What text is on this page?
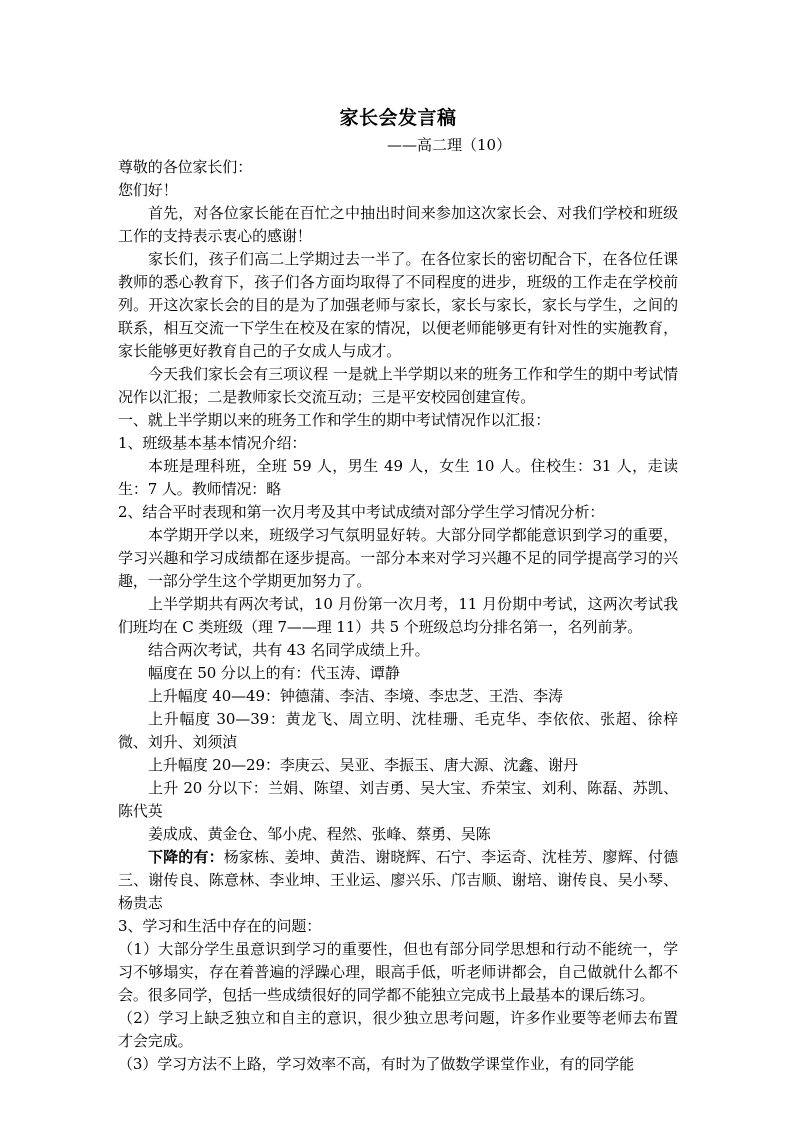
家长会发言稿

——高二理（10）

尊敬的各位家长们：

您们好！

首先，对各位家长能在百忙之中抽出时间来参加这次家长会、对我们学校和班级工作的支持表示衷心的感谢！

家长们，孩子们高二上学期过去一半了。在各位家长的密切配合下，在各位任课教师的悉心教育下，孩子们各方面均取得了不同程度的进步，班级的工作走在学校前列。开这次家长会的目的是为了加强老师与家长，家长与家长，家长与学生，之间的联系，相互交流一下学生在校及在家的情况，以便老师能够更有针对性的实施教育，家长能够更好教育自己的子女成人与成才。

今天我们家长会有三项议程 一是就上半学期以来的班务工作和学生的期中考试情况作以汇报；二是教师家长交流互动；三是平安校园创建宣传。

一、就上半学期以来的班务工作和学生的期中考试情况作以汇报：

1、班级基本基本情况介绍：

本班是理科班，全班 59 人，男生 49 人，女生 10 人。住校生：31 人，走读生：7 人。教师情况：略

2、结合平时表现和第一次月考及其中考试成绩对部分学生学习情况分析：

本学期开学以来，班级学习气氛明显好转。大部分同学都能意识到学习的重要，学习兴趣和学习成绩都在逐步提高。一部分本来对学习兴趣不足的同学提高学习的兴趣，一部分学生这个学期更加努力了。

上半学期共有两次考试，10 月份第一次月考，11 月份期中考试，这两次考试我们班均在 C 类班级（理 7——理 11）共 5 个班级总均分排名第一，名列前茅。

结合两次考试，共有 43 名同学成绩上升。

幅度在 50 分以上的有：代玉涛、谭静

上升幅度 40—49：钟德蒲、李洁、李境、李忠芝、王浩、李涛

上升幅度 30—39：黄龙飞、周立明、沈桂珊、毛克华、李依依、张超、徐梓微、刘升、刘须湞

上升幅度 20—29：李庚云、吴亚、李振玉、唐大源、沈鑫、谢丹

上升 20 分以下：兰娟、陈望、刘吉勇、吴大宝、乔荣宝、刘利、陈磊、苏凯、陈代英

姜成成、黄金仓、邹小虎、程然、张峰、蔡勇、吴陈

下降的有：杨家栋、姜坤、黄浩、谢晓辉、石宁、李运奇、沈桂芳、廖辉、付德三、谢传良、陈意林、李业坤、王业运、廖兴乐、邝吉顺、谢培、谢传良、吴小琴、杨贵志

3、学习和生活中存在的问题：

（1）大部分学生虽意识到学习的重要性，但也有部分同学思想和行动不能统一，学习不够塌实，存在着普遍的浮躁心理，眼高手低，听老师讲都会，自己做就什么都不会。很多同学，包括一些成绩很好的同学都不能独立完成书上最基本的课后练习。

（2）学习上缺乏独立和自主的意识，很少独立思考问题，许多作业要等老师去布置才会完成。

（3）学习方法不上路，学习效率不高，有时为了做数学课堂作业，有的同学能
